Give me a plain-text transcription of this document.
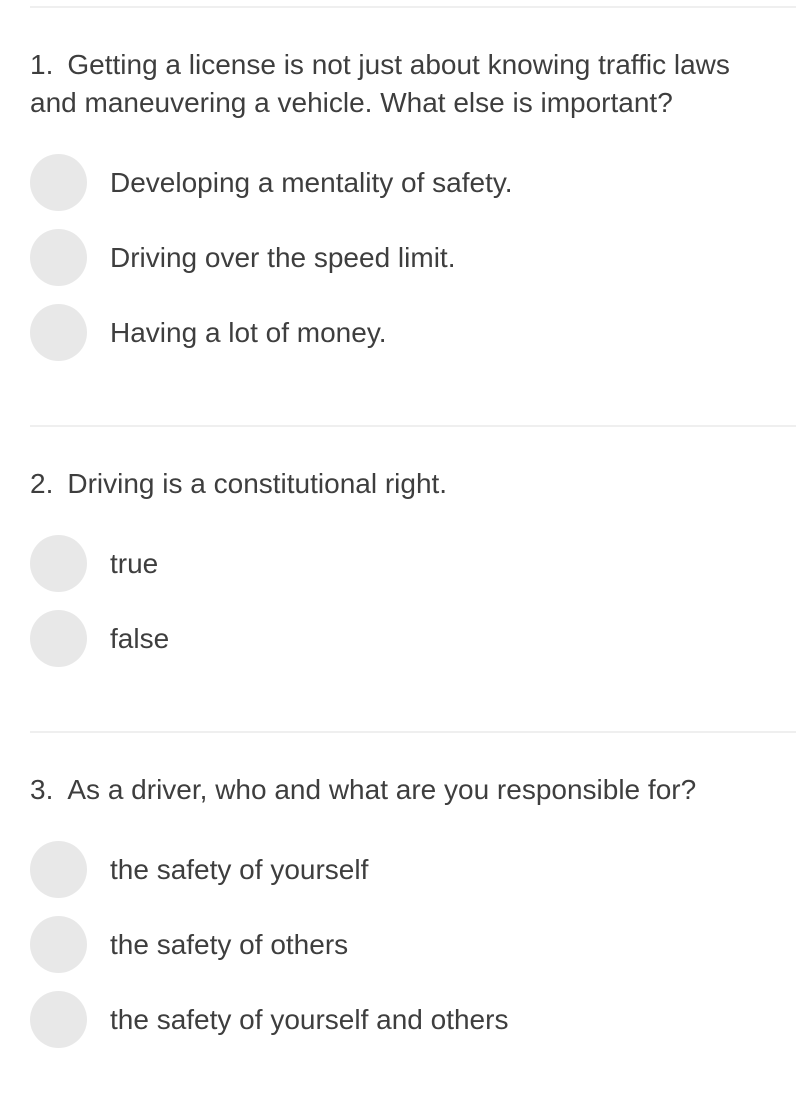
1. Getting a license is not just about knowing traffic laws and maneuvering a vehicle. What else is important?
Developing a mentality of safety.
Driving over the speed limit.
Having a lot of money.
2. Driving is a constitutional right.
true
false
3. As a driver, who and what are you responsible for?
the safety of yourself
the safety of others
the safety of yourself and others
